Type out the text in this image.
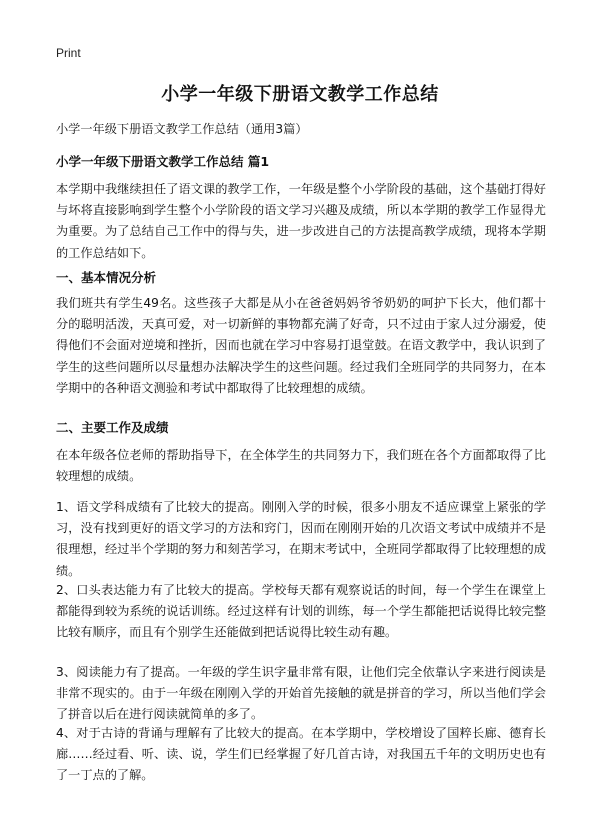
Print
小学一年级下册语文教学工作总结
小学一年级下册语文教学工作总结（通用3篇）
小学一年级下册语文教学工作总结 篇1

本学期中我继续担任了语文课的教学工作，一年级是整个小学阶段的基础，这个基础打得好与坏将直接影响到学生整个小学阶段的语文学习兴趣及成绩，所以本学期的教学工作显得尤为重要。为了总结自己工作中的得与失，进一步改进自己的方法提高教学成绩，现将本学期的工作总结如下。

一、基本情况分析

我们班共有学生49名。这些孩子大都是从小在爸爸妈妈爷爷奶奶的呵护下长大，他们都十分的聪明活泼，天真可爱，对一切新鲜的事物都充满了好奇，只不过由于家人过分溺爱，使得他们不会面对逆境和挫折，因而也就在学习中容易打退堂鼓。在语文教学中，我认识到了学生的这些问题所以尽量想办法解决学生的这些问题。经过我们全班同学的共同努力，在本学期中的各种语文测验和考试中都取得了比较理想的成绩。

二、主要工作及成绩

在本年级各位老师的帮助指导下，在全体学生的共同努力下，我们班在各个方面都取得了比较理想的成绩。

1、语文学科成绩有了比较大的提高。刚刚入学的时候，很多小朋友不适应课堂上紧张的学习，没有找到更好的语文学习的方法和窍门，因而在刚刚开始的几次语文考试中成绩并不是很理想，经过半个学期的努力和刻苦学习，在期末考试中，全班同学都取得了比较理想的成绩。

2、口头表达能力有了比较大的提高。学校每天都有观察说话的时间，每一个学生在课堂上都能得到较为系统的说话训练。经过这样有计划的训练，每一个学生都能把话说得比较完整比较有顺序，而且有个别学生还能做到把话说得比较生动有趣。

3、阅读能力有了提高。一年级的学生识字量非常有限，让他们完全依靠认字来进行阅读是非常不现实的。由于一年级在刚刚入学的开始首先接触的就是拼音的学习，所以当他们学会了拼音以后在进行阅读就简单的多了。

4、对于古诗的背诵与理解有了比较大的提高。在本学期中，学校增设了国粹长廊、德育长廊……经过看、听、读、说，学生们已经掌握了好几首古诗，对我国五千年的文明历史也有了一丁点的了解。
